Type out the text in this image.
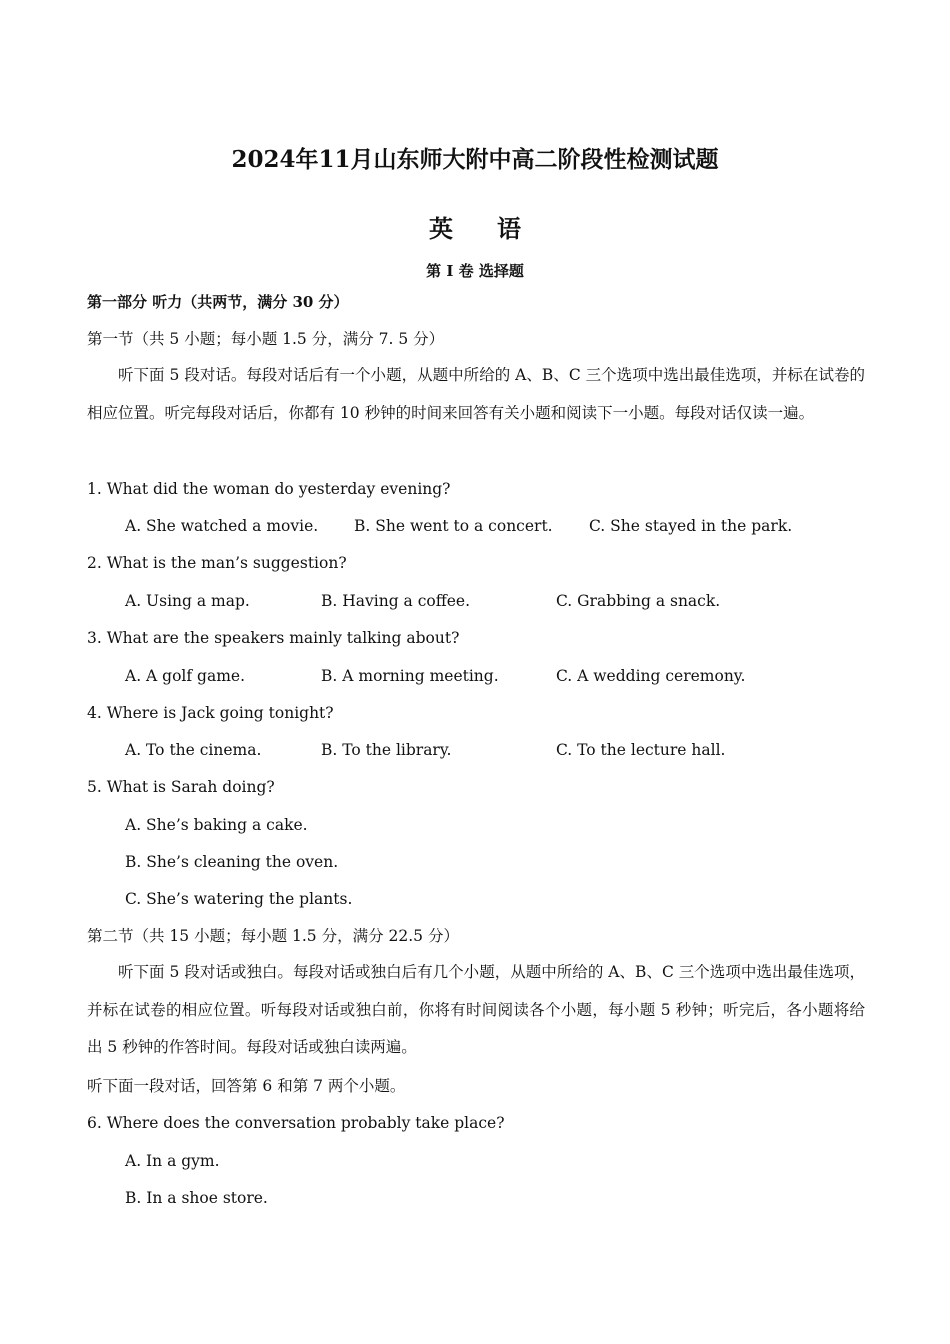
2024年11月山东师大附中高二阶段性检测试题
英 语
第 I 卷 选择题
第一部分 听力（共两节，满分 30 分）
第一节（共 5 小题；每小题 1.5 分，满分 7. 5 分）
听下面 5 段对话。每段对话后有一个小题，从题中所给的 A、B、C 三个选项中选出最佳选项，并标在试卷的相应位置。听完每段对话后，你都有 10 秒钟的时间来回答有关小题和阅读下一小题。每段对话仅读一遍。
1. What did the woman do yesterday evening?
A. She watched a movie. B. She went to a concert. C. She stayed in the park.
2. What is the man’s suggestion?
A. Using a map.	B. Having a coffee.	C. Grabbing a snack.
3. What are the speakers mainly talking about?
A. A golf game.	B. A morning meeting.	C. A wedding ceremony.
4. Where is Jack going tonight?
A. To the cinema.	B. To the library.	C. To the lecture hall.
5. What is Sarah doing?
A. She’s baking a cake.
B. She’s cleaning the oven.
C. She’s watering the plants.
第二节（共 15 小题；每小题 1.5 分，满分 22.5 分）
听下面 5 段对话或独白。每段对话或独白后有几个小题，从题中所给的 A、B、C 三个选项中选出最佳选项，并标在试卷的相应位置。听每段对话或独白前，你将有时间阅读各个小题，每小题 5 秒钟；听完后，各小题将给出 5 秒钟的作答时间。每段对话或独白读两遍。
听下面一段对话，回答第 6 和第 7 两个小题。
6. Where does the conversation probably take place?
A. In a gym.
B. In a shoe store.
